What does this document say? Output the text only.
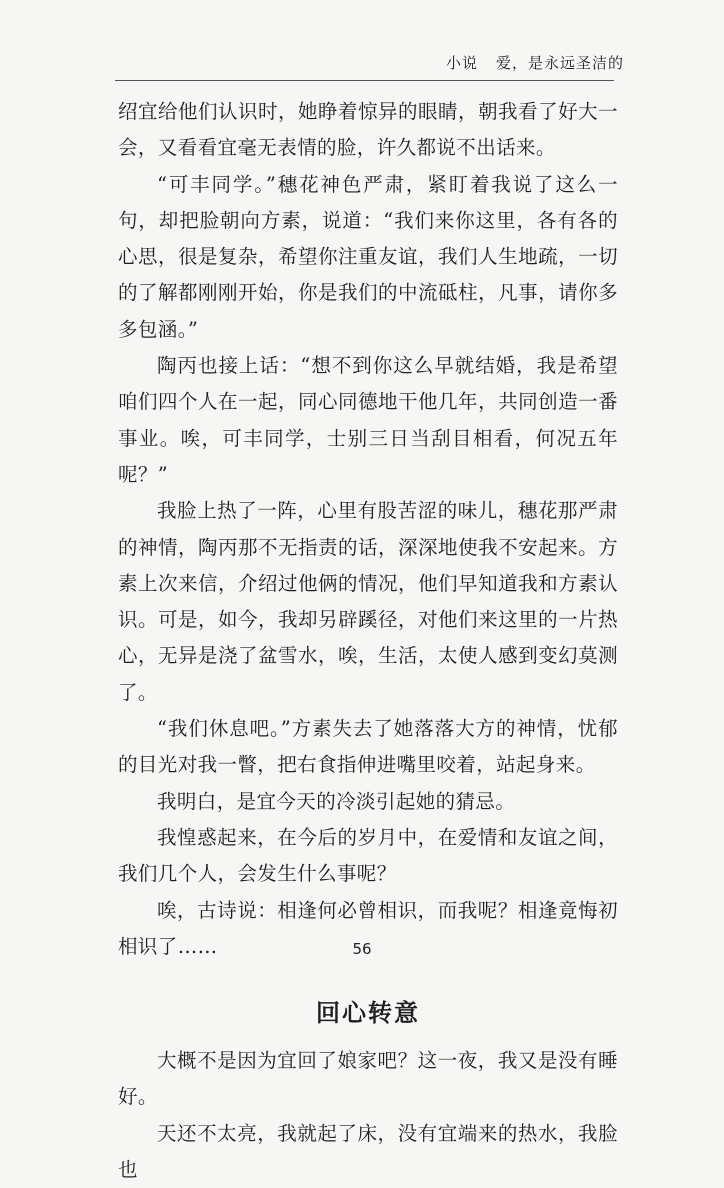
小说 爱，是永远圣洁的

绍宜给他们认识时，她睁着惊异的眼睛，朝我看了好大一会，又看看宜毫无表情的脸，许久都说不出话来。

“可丰同学。”穗花神色严肃，紧盯着我说了这么一句，却把脸朝向方素，说道：“我们来你这里，各有各的心思，很是复杂，希望你注重友谊，我们人生地疏，一切的了解都刚刚开始，你是我们的中流砥柱，凡事，请你多多包涵。”

陶丙也接上话：“想不到你这么早就结婚，我是希望咱们四个人在一起，同心同德地干他几年，共同创造一番事业。唉，可丰同学，士别三日当刮目相看，何况五年呢？”

我脸上热了一阵，心里有股苦涩的味儿，穗花那严肃的神情，陶丙那不无指责的话，深深地使我不安起来。方素上次来信，介绍过他俩的情况，他们早知道我和方素认识。可是，如今，我却另辟蹊径，对他们来这里的一片热心，无异是浇了盆雪水，唉，生活，太使人感到变幻莫测了。

“我们休息吧。”方素失去了她落落大方的神情，忧郁的目光对我一瞥，把右食指伸进嘴里咬着，站起身来。

我明白，是宜今天的冷淡引起她的猜忌。

我惶惑起来，在今后的岁月中，在爱情和友谊之间，我们几个人，会发生什么事呢？

唉，古诗说：相逢何必曾相识，而我呢？相逢竟悔初相识了……

回心转意

大概不是因为宜回了娘家吧？这一夜，我又是没有睡好。

天还不太亮，我就起了床，没有宜端来的热水，我脸也

56
